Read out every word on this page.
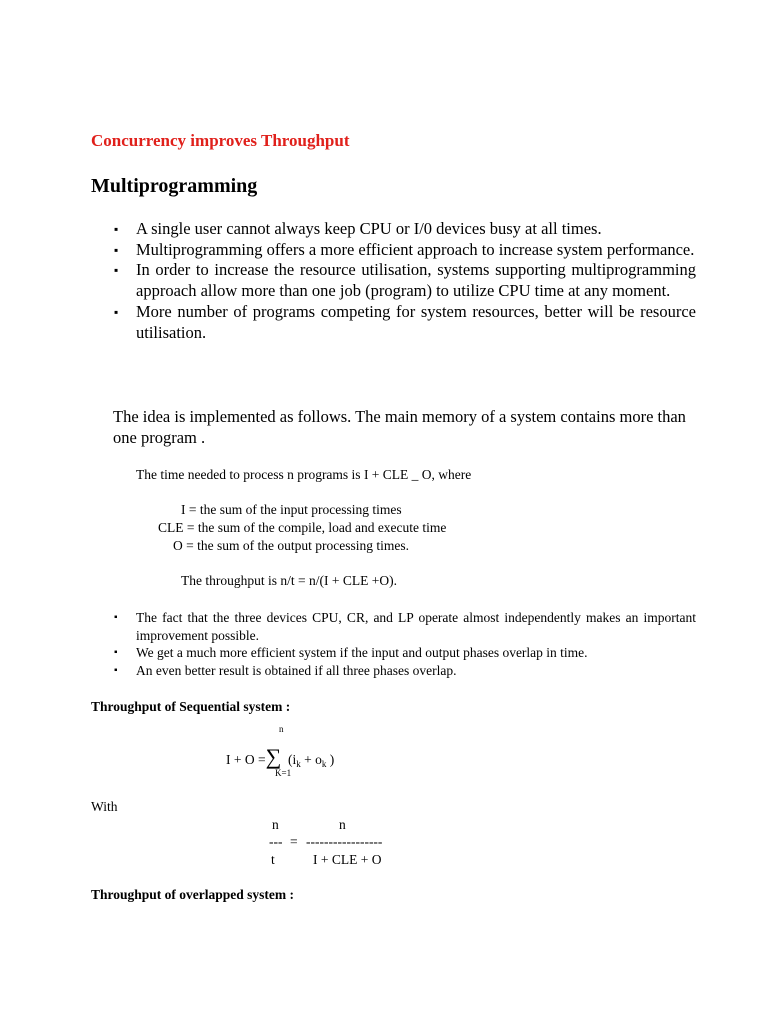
Concurrency improves Throughput
Multiprogramming
▪ A single user cannot always keep CPU or I/0 devices busy at all times.
▪ Multiprogramming offers a more efficient approach to increase system performance.
▪ In order to increase the resource utilisation, systems supporting multiprogramming approach allow more than one job (program) to utilize CPU time at any moment.
▪ More number of programs competing for system resources, better will be resource utilisation.
The idea is implemented as follows. The main memory of a system contains more than one program .
The time needed to process n programs is I + CLE _ O, where
I = the sum of the input processing times
CLE = the sum of the compile, load and execute time
O = the sum of the output processing times.
The throughput is n/t = n/(I + CLE +O).
▪ The fact that the three devices CPU, CR, and LP operate almost independently makes an important improvement possible.
▪ We get a much more efficient system if the input and output phases overlap in time.
▪ An even better result is obtained if all three phases overlap.
Throughput of Sequential system :
n
I + O =∑ ($i_k + o_k$ )
K=1
With
n	n
--- = -----------------
t	I + CLE + O
Throughput of overlapped system :
